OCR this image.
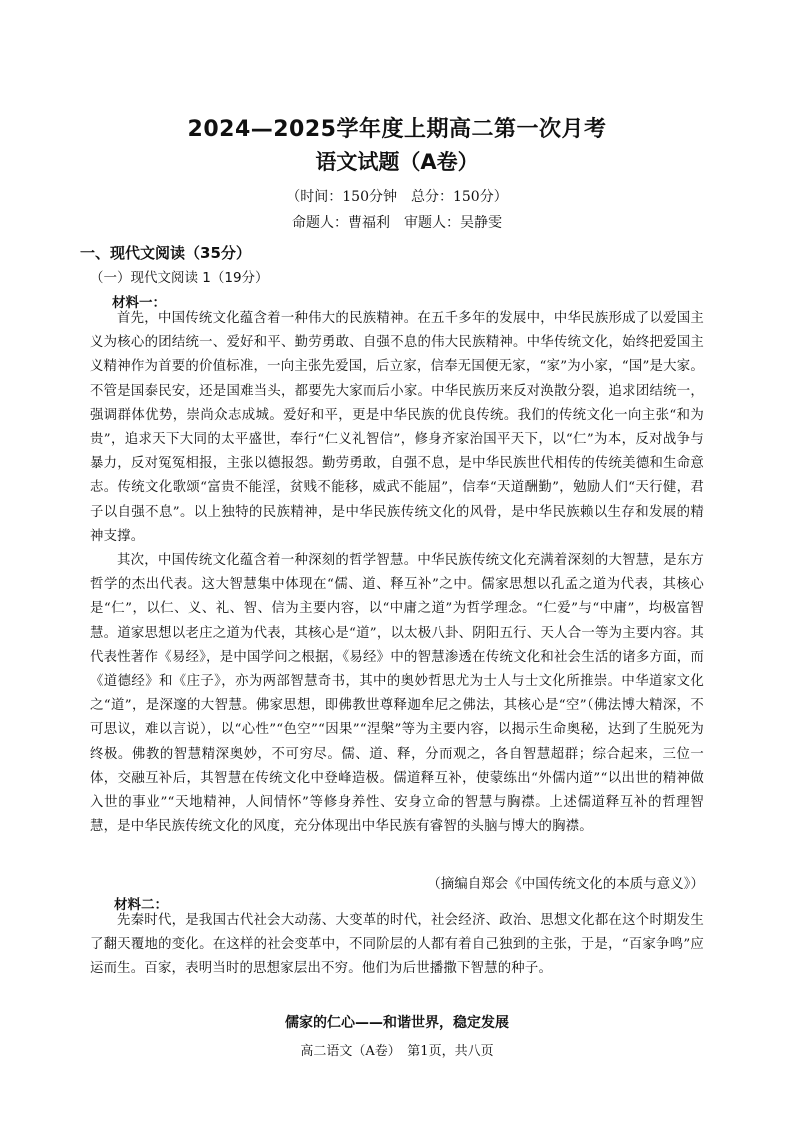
2024—2025学年度上期高二第一次月考
语文试题（A卷）
（时间：150分钟　总分：150分）
命题人：曹福利　审题人：吴静雯
一、现代文阅读（35分）
（一）现代文阅读 1（19分）
材料一：

首先，中国传统文化蕴含着一种伟大的民族精神。在五千多年的发展中，中华民族形成了以爱国主义为核心的团结统一、爱好和平、勤劳勇敢、自强不息的伟大民族精神。中华传统文化，始终把爱国主义精神作为首要的价值标准，一向主张先爱国，后立家，信奉无国便无家，“家”为小家，“国”是大家。不管是国泰民安，还是国难当头，都要先大家而后小家。中华民族历来反对涣散分裂，追求团结统一，强调群体优势，崇尚众志成城。爱好和平，更是中华民族的优良传统。我们的传统文化一向主张“和为贵”，追求天下大同的太平盛世，奉行“仁义礼智信”，修身齐家治国平天下，以“仁”为本，反对战争与暴力，反对冤冤相报，主张以德报怨。勤劳勇敢，自强不息，是中华民族世代相传的传统美德和生命意志。传统文化歌颂“富贵不能淫，贫贱不能移，威武不能屈”，信奉“天道酬勤”，勉励人们“天行健，君子以自强不息”。以上独特的民族精神，是中华民族传统文化的风骨，是中华民族赖以生存和发展的精神支撑。

其次，中国传统文化蕴含着一种深刻的哲学智慧。中华民族传统文化充满着深刻的大智慧，是东方哲学的杰出代表。这大智慧集中体现在“儒、道、释互补”之中。儒家思想以孔孟之道为代表，其核心是“仁”，以仁、义、礼、智、信为主要内容，以“中庸之道”为哲学理念。“仁爱”与“中庸”，均极富智慧。道家思想以老庄之道为代表，其核心是“道”，以太极八卦、阴阳五行、天人合一等为主要内容。其代表性著作《易经》，是中国学问之根据，《易经》中的智慧渗透在传统文化和社会生活的诸多方面，而《道德经》和《庄子》，亦为两部智慧奇书，其中的奥妙哲思尤为士人与士文化所推崇。中华道家文化之“道”，是深邃的大智慧。佛家思想，即佛教世尊释迦牟尼之佛法，其核心是“空”（佛法博大精深，不可思议，难以言说），以“心性”“色空”“因果”“涅槃”等为主要内容，以揭示生命奥秘，达到了生脱死为终极。佛教的智慧精深奥妙，不可穷尽。儒、道、释，分而观之，各自智慧超群；综合起来，三位一体，交融互补后，其智慧在传统文化中登峰造极。儒道释互补，使蒙练出“外儒内道”“以出世的精神做入世的事业”“天地精神，人间情怀”等修身养性、安身立命的智慧与胸襟。上述儒道释互补的哲理智慧，是中华民族传统文化的风度，充分体现出中华民族有睿智的头脑与博大的胸襟。

（摘编自郑会《中国传统文化的本质与意义》）
材料二：

先秦时代，是我国古代社会大动荡、大变革的时代，社会经济、政治、思想文化都在这个时期发生了翻天覆地的变化。在这样的社会变革中，不同阶层的人都有着自己独到的主张，于是，“百家争鸣”应运而生。百家，表明当时的思想家层出不穷。他们为后世播撒下智慧的种子。

儒家的仁心——和谐世界，稳定发展
高二语文（A卷）　第1页，共八页
